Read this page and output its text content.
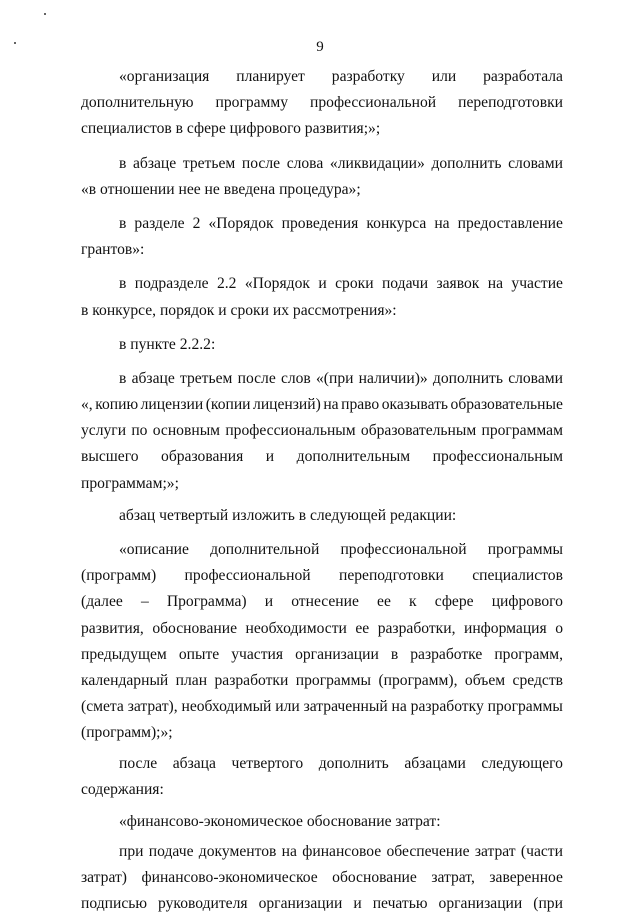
9
«организация планирует разработку или разработала
дополнительную программу профессиональной переподготовки
специалистов в сфере цифрового развития;»;
в абзаце третьем после слова «ликвидации» дополнить словами
«в отношении нее не введена процедура»;
в разделе 2 «Порядок проведения конкурса на предоставление
грантов»:
в подразделе 2.2 «Порядок и сроки подачи заявок на участие
в конкурсе, порядок и сроки их рассмотрения»:
в пункте 2.2.2:
в абзаце третьем после слов «(при наличии)» дополнить словами
«, копию лицензии (копии лицензий) на право оказывать образовательные
услуги по основным профессиональным образовательным программам
высшего образования и дополнительным профессиональным
программам;»;
абзац четвертый изложить в следующей редакции:
«описание дополнительной профессиональной программы
(программ) профессиональной переподготовки специалистов
(далее – Программа) и отнесение ее к сфере цифрового
развития, обоснование необходимости ее разработки, информация о
предыдущем опыте участия организации в разработке программ,
календарный план разработки программы (программ), объем средств
(смета затрат), необходимый или затраченный на разработку программы
(программ);»;
после абзаца четвертого дополнить абзацами следующего
содержания:
«финансово-экономическое обоснование затрат:
при подаче документов на финансовое обеспечение затрат (части
затрат) финансово-экономическое обоснование затрат, заверенное
подписью руководителя организации и печатью организации (при
